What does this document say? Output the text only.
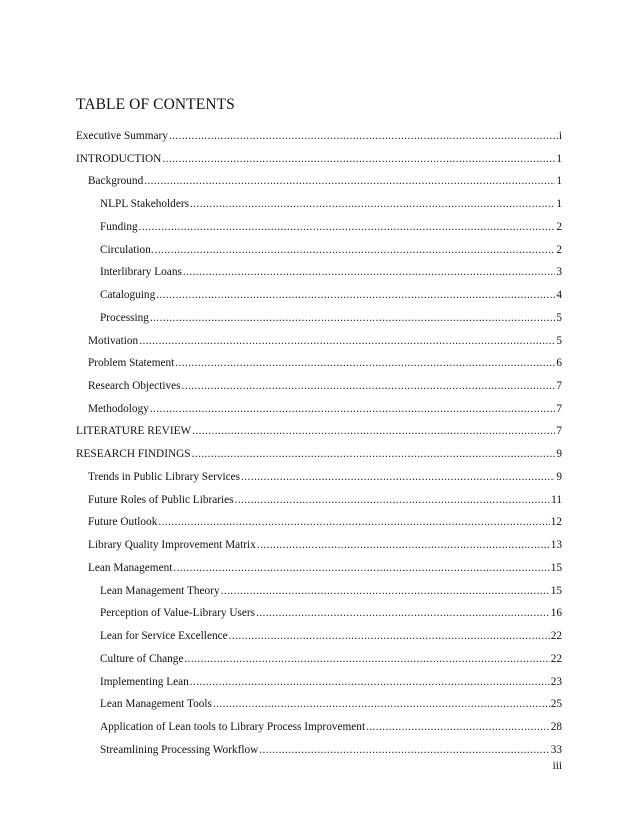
TABLE OF CONTENTS
Executive Summary .....	i
INTRODUCTION .....	1
Background .....	1
NLPL Stakeholders .....	1
Funding .....	2
Circulation. .....	2
Interlibrary Loans .....	3
Cataloguing .....	4
Processing .....	5
Motivation .....	5
Problem Statement .....	6
Research Objectives .....	7
Methodology .....	7
LITERATURE REVIEW .....	7
RESEARCH FINDINGS .....	9
Trends in Public Library Services .....	9
Future Roles of Public Libraries .....	11
Future Outlook .....	12
Library Quality Improvement Matrix .....	13
Lean Management .....	15
Lean Management Theory .....	15
Perception of Value-Library Users .....	16
Lean for Service Excellence .....	22
Culture of Change .....	22
Implementing Lean .....	23
Lean Management Tools .....	25
Application of Lean tools to Library Process Improvement .....	28
Streamlining Processing Workflow .....	33
iii
